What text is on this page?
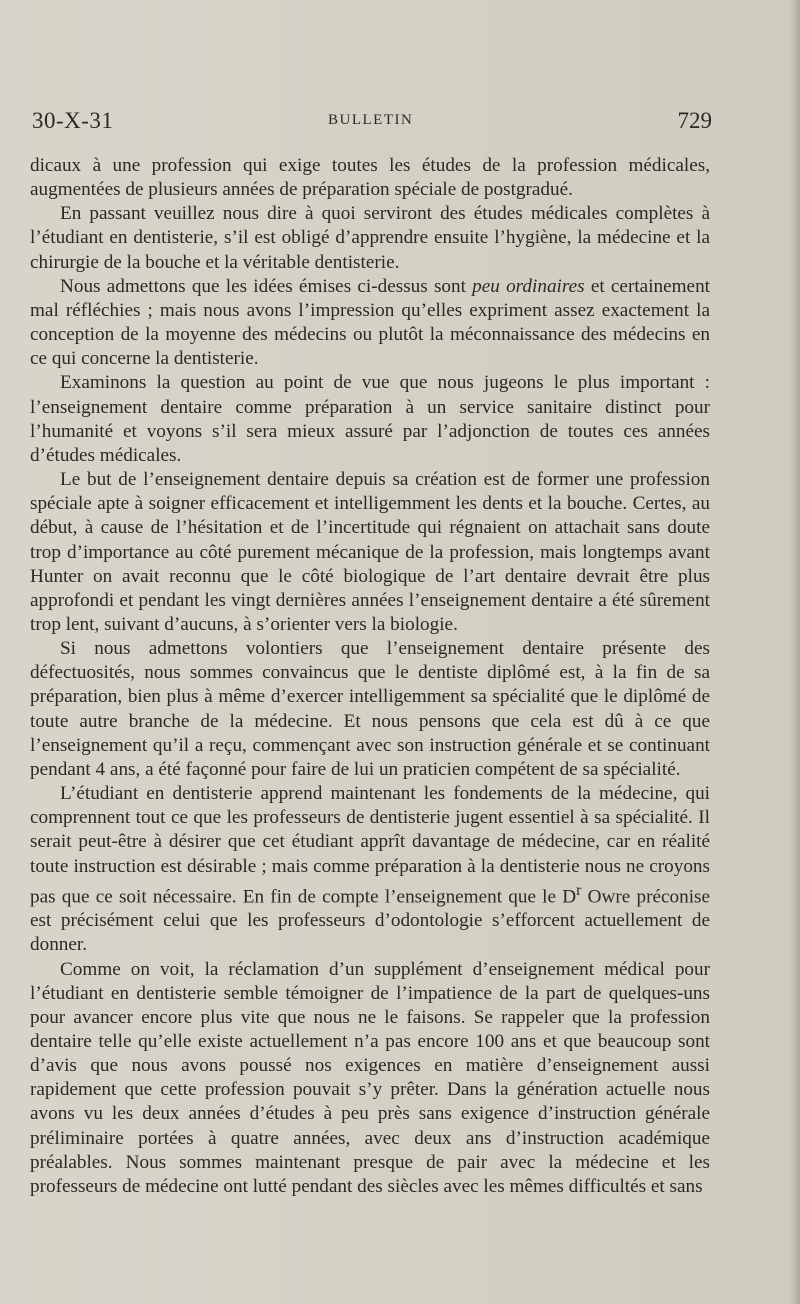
30-X-31	BULLETIN	729

dicaux à une profession qui exige toutes les études de la profession médicales, augmentées de plusieurs années de préparation spéciale de postgradué.

En passant veuillez nous dire à quoi serviront des études médicales complètes à l’étudiant en dentisterie, s’il est obligé d’apprendre ensuite l’hygiène, la médecine et la chirurgie de la bouche et la véritable dentisterie.

Nous admettons que les idées émises ci-dessus sont peu ordinaires et certainement mal réfléchies ; mais nous avons l’impression qu’elles expriment assez exactement la conception de la moyenne des médecins ou plutôt la méconnaissance des médecins en ce qui concerne la dentisterie.

Examinons la question au point de vue que nous jugeons le plus important : l’enseignement dentaire comme préparation à un service sanitaire distinct pour l’humanité et voyons s’il sera mieux assuré par l’adjonction de toutes ces années d’études médicales.

Le but de l’enseignement dentaire depuis sa création est de former une profession spéciale apte à soigner efficacement et intelligemment les dents et la bouche. Certes, au début, à cause de l’hésitation et de l’incertitude qui régnaient on attachait sans doute trop d’importance au côté purement mécanique de la profession, mais longtemps avant Hunter on avait reconnu que le côté biologique de l’art dentaire devrait être plus approfondi et pendant les vingt dernières années l’enseignement dentaire a été sûrement trop lent, suivant d’aucuns, à s’orienter vers la biologie.

Si nous admettons volontiers que l’enseignement dentaire présente des défectuosités, nous sommes convaincus que le dentiste diplômé est, à la fin de sa préparation, bien plus à même d’exercer intelligemment sa spécialité que le diplômé de toute autre branche de la médecine. Et nous pensons que cela est dû à ce que l’enseignement qu’il a reçu, commençant avec son instruction générale et se continuant pendant 4 ans, a été façonné pour faire de lui un praticien compétent de sa spécialité.

L’étudiant en dentisterie apprend maintenant les fondements de la médecine, qui comprennent tout ce que les professeurs de dentisterie jugent essentiel à sa spécialité. Il serait peut-être à désirer que cet étudiant apprît davantage de médecine, car en réalité toute instruction est désirable ; mais comme préparation à la dentisterie nous ne croyons pas que ce soit nécessaire. En fin de compte l’enseignement que le $D^r$ Owre préconise est précisément celui que les professeurs d’odontologie s’efforcent actuellement de donner.

Comme on voit, la réclamation d’un supplément d’enseignement médical pour l’étudiant en dentisterie semble témoigner de l’impatience de la part de quelques-uns pour avancer encore plus vite que nous ne le faisons. Se rappeler que la profession dentaire telle qu’elle existe actuellement n’a pas encore 100 ans et que beaucoup sont d’avis que nous avons poussé nos exigences en matière d’enseignement aussi rapidement que cette profession pouvait s’y prêter. Dans la génération actuelle nous avons vu les deux années d’études à peu près sans exigence d’instruction générale préliminaire portées à quatre années, avec deux ans d’instruction académique préalables. Nous sommes maintenant presque de pair avec la médecine et les professeurs de médecine ont lutté pendant des siècles avec les mêmes difficultés et sans
